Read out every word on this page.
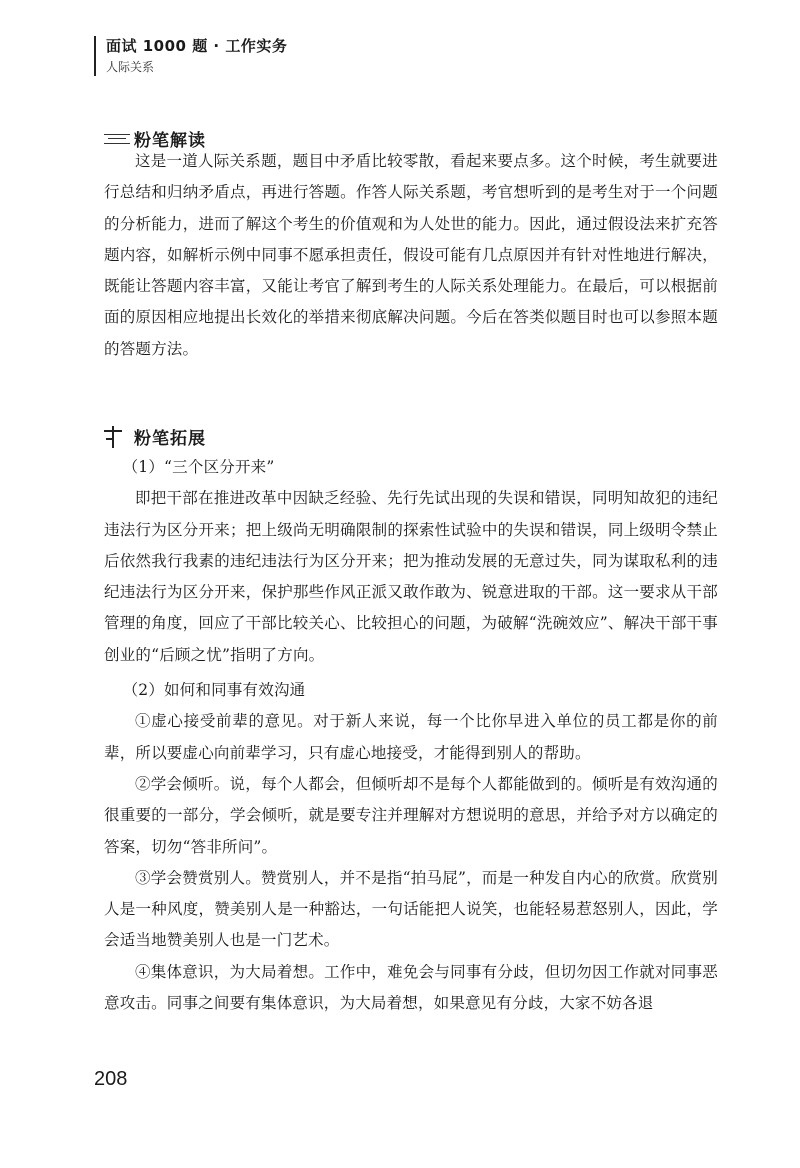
面试 1000 题 · 工作实务
人际关系
粉笔解读

这是一道人际关系题，题目中矛盾比较零散，看起来要点多。这个时候，考生就要进行总结和归纳矛盾点，再进行答题。作答人际关系题，考官想听到的是考生对于一个问题的分析能力，进而了解这个考生的价值观和为人处世的能力。因此，通过假设法来扩充答题内容，如解析示例中同事不愿承担责任，假设可能有几点原因并有针对性地进行解决，既能让答题内容丰富，又能让考官了解到考生的人际关系处理能力。在最后，可以根据前面的原因相应地提出长效化的举措来彻底解决问题。今后在答类似题目时也可以参照本题的答题方法。

粉笔拓展

（1）“三个区分开来”

即把干部在推进改革中因缺乏经验、先行先试出现的失误和错误，同明知故犯的违纪违法行为区分开来；把上级尚无明确限制的探索性试验中的失误和错误，同上级明令禁止后依然我行我素的违纪违法行为区分开来；把为推动发展的无意过失，同为谋取私利的违纪违法行为区分开来，保护那些作风正派又敢作敢为、锐意进取的干部。这一要求从干部管理的角度，回应了干部比较关心、比较担心的问题，为破解“洗碗效应”、解决干部干事创业的“后顾之忧”指明了方向。

（2）如何和同事有效沟通

①虚心接受前辈的意见。对于新人来说，每一个比你早进入单位的员工都是你的前辈，所以要虚心向前辈学习，只有虚心地接受，才能得到别人的帮助。

②学会倾听。说，每个人都会，但倾听却不是每个人都能做到的。倾听是有效沟通的很重要的一部分，学会倾听，就是要专注并理解对方想说明的意思，并给予对方以确定的答案，切勿“答非所问”。

③学会赞赏别人。赞赏别人，并不是指“拍马屁”，而是一种发自内心的欣赏。欣赏别人是一种风度，赞美别人是一种豁达，一句话能把人说笑，也能轻易惹怒别人，因此，学会适当地赞美别人也是一门艺术。

④集体意识，为大局着想。工作中，难免会与同事有分歧，但切勿因工作就对同事恶意攻击。同事之间要有集体意识，为大局着想，如果意见有分歧，大家不妨各退

208
